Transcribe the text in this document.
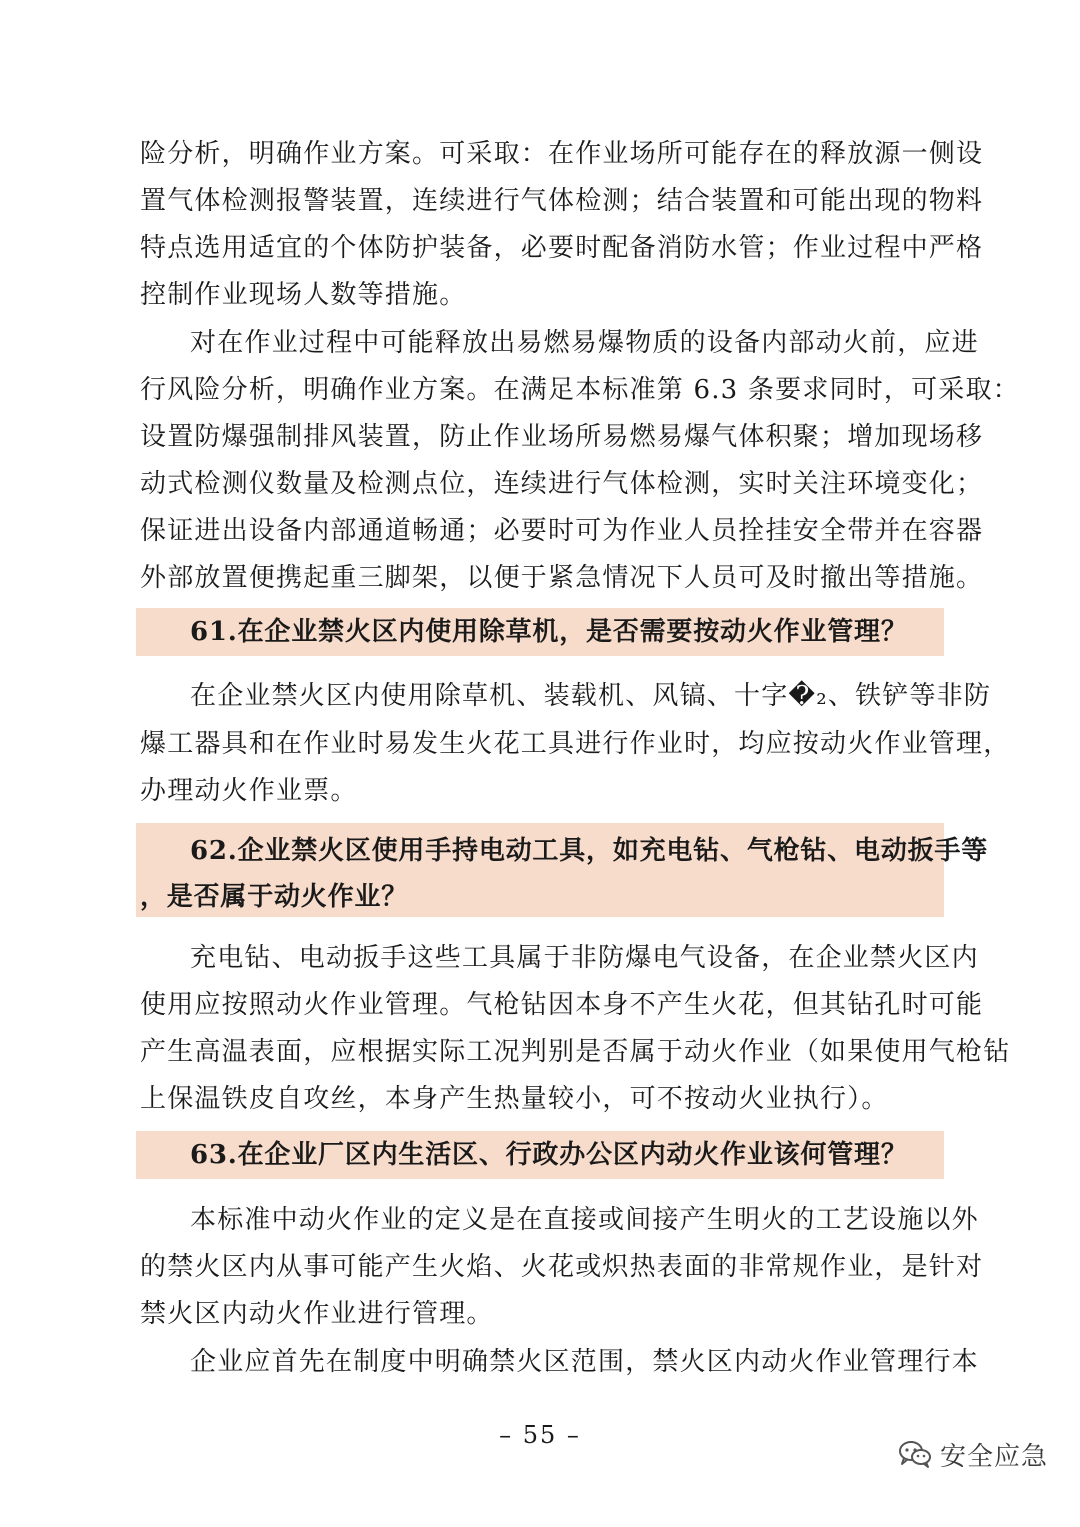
险分析，明确作业方案。可采取：在作业场所可能存在的释放源一侧设
置气体检测报警装置，连续进行气体检测；结合装置和可能出现的物料
特点选用适宜的个体防护装备，必要时配备消防水管；作业过程中严格
控制作业现场人数等措施。
对在作业过程中可能释放出易燃易爆物质的设备内部动火前，应进
行风险分析，明确作业方案。在满足本标准第 6.3 条要求同时，可采取：
设置防爆强制排风装置，防止作业场所易燃易爆气体积聚；增加现场移
动式检测仪数量及检测点位，连续进行气体检测，实时关注环境变化；
保证进出设备内部通道畅通；必要时可为作业人员拴挂安全带并在容器
外部放置便携起重三脚架，以便于紧急情况下人员可及时撤出等措施。
61.在企业禁火区内使用除草机，是否需要按动火作业管理？
在企业禁火区内使用除草机、装载机、风镐、十字�₂、铁铲等非防
爆工器具和在作业时易发生火花工具进行作业时，均应按动火作业管理，
办理动火作业票。
62.企业禁火区使用手持电动工具，如充电钻、气枪钻、电动扳手等
，是否属于动火作业？
充电钻、电动扳手这些工具属于非防爆电气设备，在企业禁火区内
使用应按照动火作业管理。气枪钻因本身不产生火花，但其钻孔时可能
产生高温表面，应根据实际工况判别是否属于动火作业（如果使用气枪钻
上保温铁皮自攻丝，本身产生热量较小，可不按动火业执行）。
63.在企业厂区内生活区、行政办公区内动火作业该何管理？
本标准中动火作业的定义是在直接或间接产生明火的工艺设施以外
的禁火区内从事可能产生火焰、火花或炽热表面的非常规作业，是针对
禁火区内动火作业进行管理。
企业应首先在制度中明确禁火区范围，禁火区内动火作业管理行本
– 55 –
安全应急
